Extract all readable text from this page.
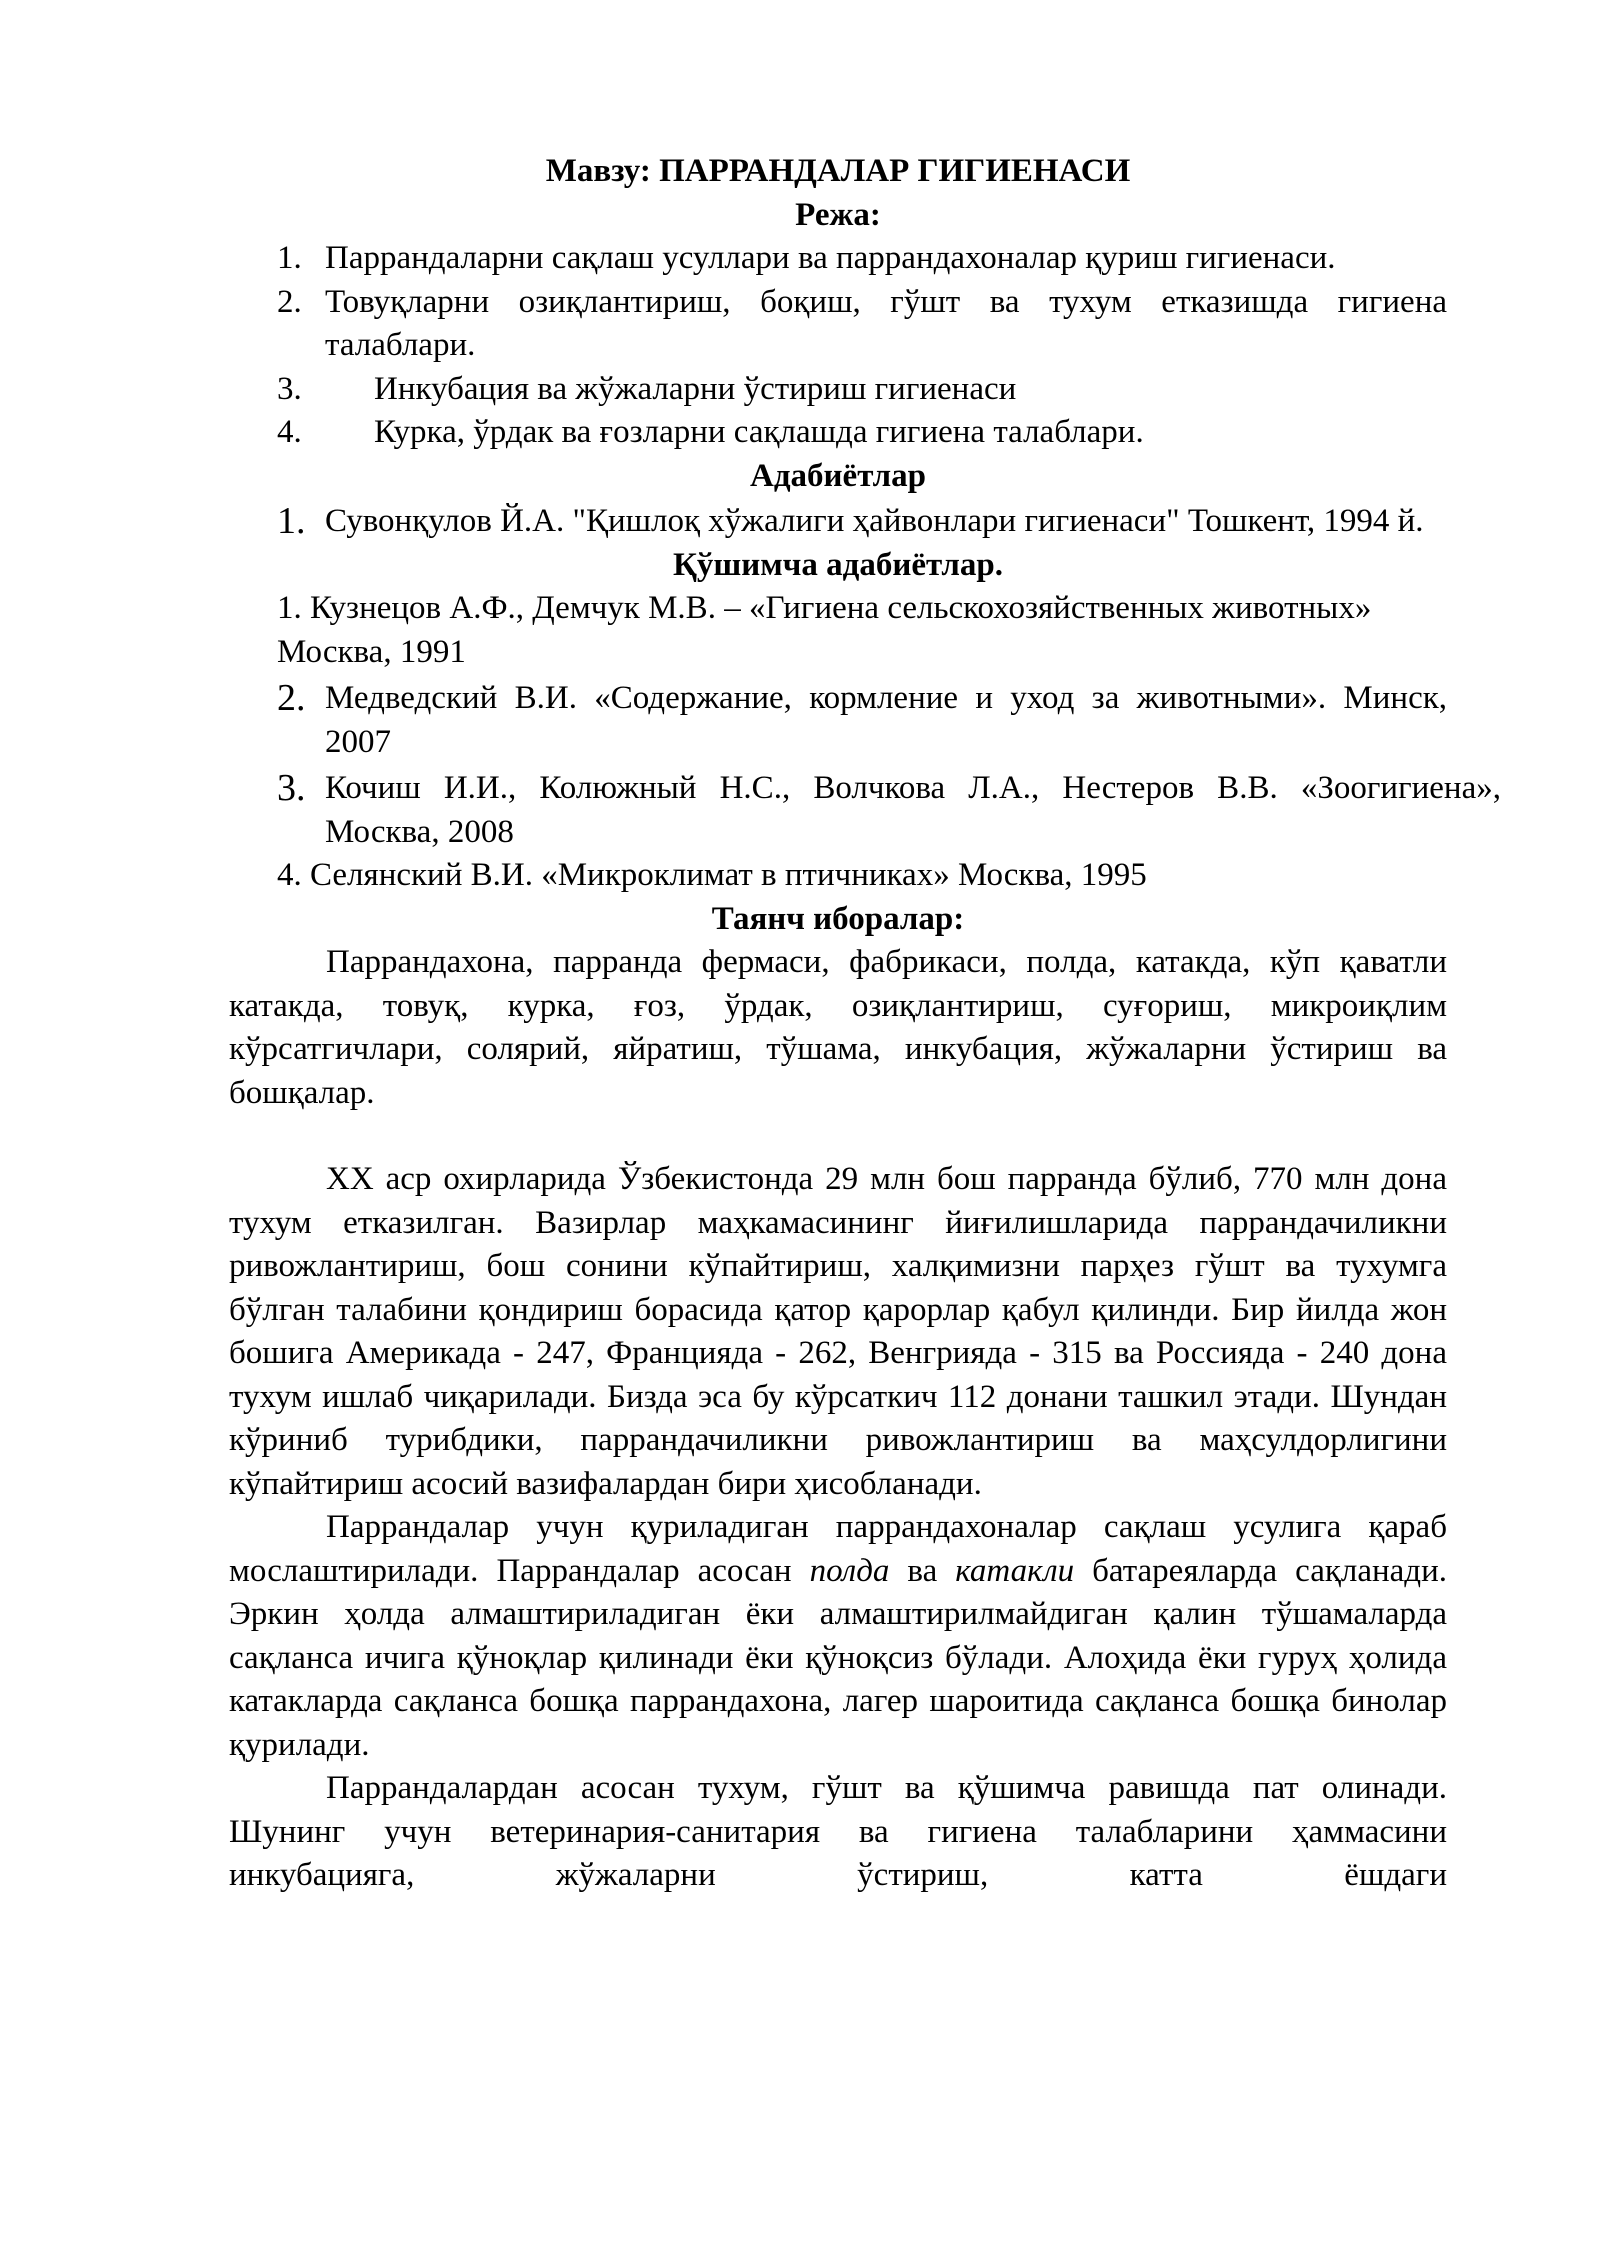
Мавзу: ПАРРАНДАЛАР ГИГИЕНАСИ
Режа:
1. Паррандаларни сақлаш усуллари ва паррандахоналар қуриш гигиенаси.
2. Товуқларни озиқлантириш, боқиш, гўшт ва тухум етказишда гигиена талаблари.
3. Инкубация ва жўжаларни ўстириш гигиенаси
4. Курка, ўрдак ва ғозларни сақлашда гигиена талаблари.
Адабиётлар
1. Сувонқулов Й.А. "Қишлоқ хўжалиги ҳайвонлари гигиенаси" Тошкент, 1994 й.
Қўшимча адабиётлар.
1. Кузнецов А.Ф., Демчук М.В. – «Гигиена сельскохозяйственных животных» Москва, 1991
2. Медведский В.И. «Содержание, кормление и уход за животными». Минск, 2007
3. Кочиш И.И., Колюжный Н.С., Волчкова Л.А., Нестеров В.В. «Зоогигиена», Москва, 2008
4. Селянский В.И. «Микроклимат в птичниках» Москва, 1995
Таянч иборалар:
Паррандахона, парранда фермаси, фабрикаси, полда, катакда, кўп қаватли катакда, товуқ, курка, ғоз, ўрдак, озиқлантириш, суғориш, микроиқлим кўрсатгичлари, солярий, яйратиш, тўшама, инкубация, жўжаларни ўстириш ва бошқалар.
XX аср охирларида Ўзбекистонда 29 млн бош парранда бўлиб, 770 млн дона тухум етказилган. Вазирлар маҳкамасининг йиғилишларида паррандачиликни ривожлантириш, бош сонини кўпайтириш, халқимизни парҳез гўшт ва тухумга бўлган талабини қондириш борасида қатор қарорлар қабул қилинди. Бир йилда жон бошига Америкада - 247, Францияда - 262, Венгрияда - 315 ва Россияда - 240 дона тухум ишлаб чиқарилади. Бизда эса бу кўрсаткич 112 донани ташкил этади. Шундан кўриниб турибдики, паррандачиликни ривожлантириш ва маҳсулдорлигини кўпайтириш асосий вазифалардан бири ҳисобланади.
Паррандалар учун қуриладиган паррандахоналар сақлаш усулига қараб мослаштирилади. Паррандалар асосан полда ва катакли батареяларда сақланади. Эркин ҳолда алмаштириладиган ёки алмаштирилмайдиган қалин тўшамаларда сақланса ичига қўноқлар қилинади ёки қўноқсиз бўлади. Алоҳида ёки гуруҳ ҳолида катакларда сақланса бошқа паррандахона, лагер шароитида сақланса бошқа бинолар қурилади.
Паррандалардан асосан тухум, гўшт ва қўшимча равишда пат олинади. Шунинг учун ветеринария-санитария ва гигиена талабларини ҳаммасини инкубацияга, жўжаларни ўстириш, катта ёшдаги
